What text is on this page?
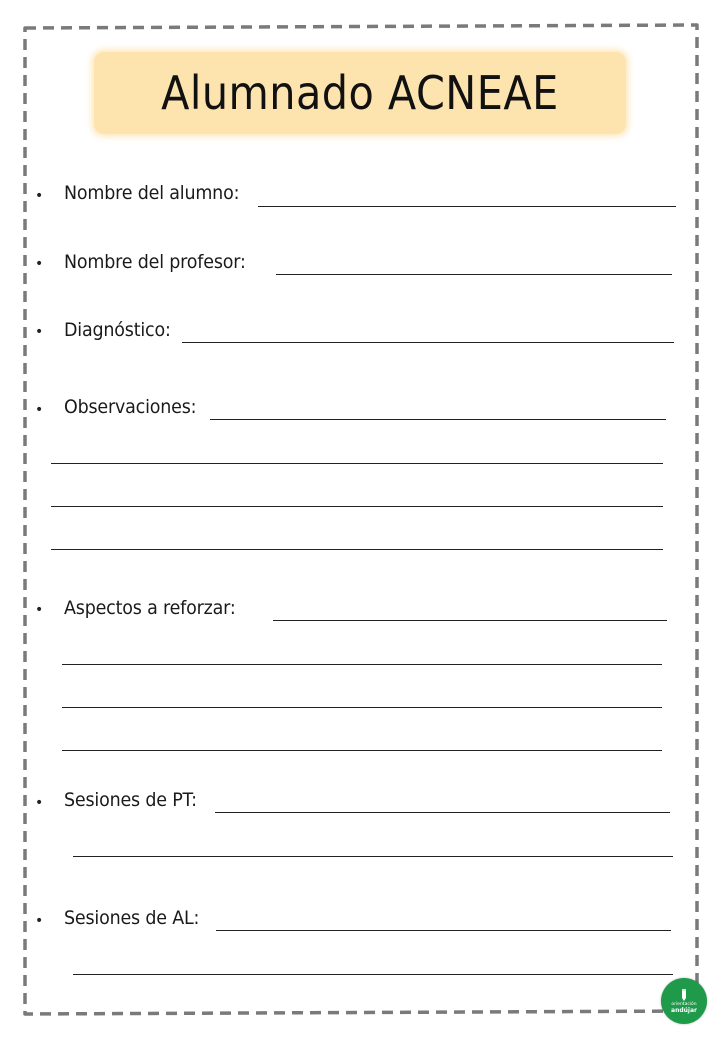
Alumnado ACNEAE
• Nombre del alumno:
• Nombre del profesor:
• Diagnóstico:
• Observaciones:
• Aspectos a reforzar:
• Sesiones de PT:
• Sesiones de AL:
orientación
andújar
